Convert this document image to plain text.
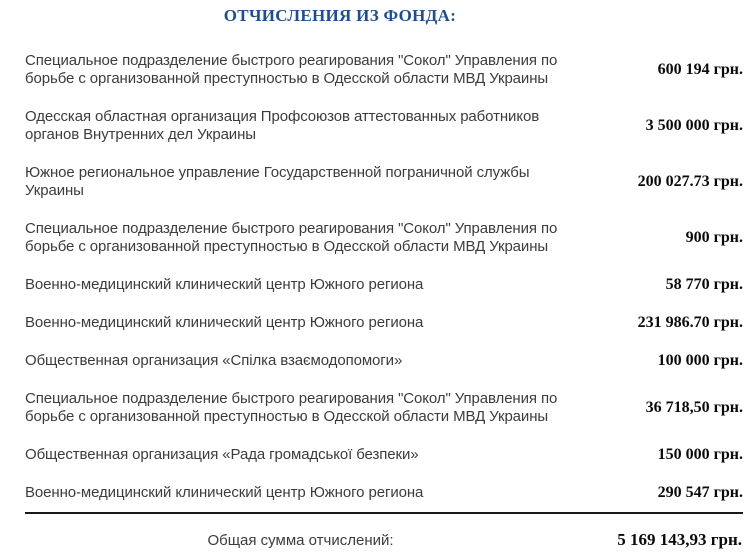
ОТЧИСЛЕНИЯ ИЗ ФОНДА:
Специальное подразделение быстрого реагирования "Сокол" Управления по борьбе с организованной преступностью в Одесской области МВД Украины	600 194 грн.
Одесская областная организация Профсоюзов аттестованных работников органов Внутренних дел Украины	3 500 000 грн.
Южное региональное управление Государственной пограничной службы Украины	200 027.73 грн.
Специальное подразделение быстрого реагирования "Сокол" Управления по борьбе с организованной преступностью в Одесской области МВД Украины	900 грн.
Военно-медицинский клинический центр Южного региона	58 770 грн.
Военно-медицинский клинический центр Южного региона	231 986.70 грн.
Общественная организация «Спілка взаємодопомоги»	100 000 грн.
Специальное подразделение быстрого реагирования "Сокол" Управления по борьбе с организованной преступностью в Одесской области МВД Украины	36 718,50 грн.
Общественная организация «Рада громадської безпеки»	150 000 грн.
Военно-медицинский клинический центр Южного региона	290 547 грн.
Общая сумма отчислений:	5 169 143,93 грн.
